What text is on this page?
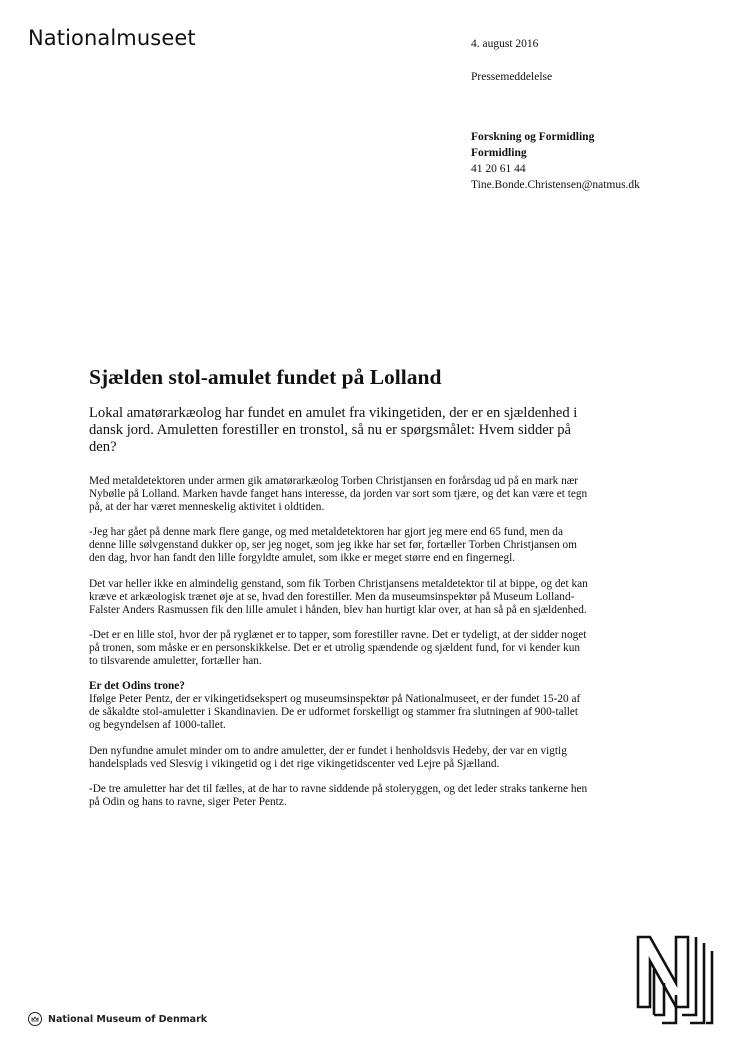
Nationalmuseet	4. august 2016
Pressemeddelelse
Forskning og Formidling
Formidling
41 20 61 44
Tine.Bonde.Christensen@natmus.dk
Sjælden stol-amulet fundet på Lolland

Lokal amatørarkæolog har fundet en amulet fra vikingetiden, der er en sjældenhed i dansk jord. Amuletten forestiller en tronstol, så nu er spørgsmålet: Hvem sidder på den?

Med metaldetektoren under armen gik amatørarkæolog Torben Christjansen en forårsdag ud på en mark nær Nybølle på Lolland. Marken havde fanget hans interesse, da jorden var sort som tjære, og det kan være et tegn på, at der har været menneskelig aktivitet i oldtiden.

-Jeg har gået på denne mark flere gange, og med metaldetektoren har gjort jeg mere end 65 fund, men da denne lille sølvgenstand dukker op, ser jeg noget, som jeg ikke har set før, fortæller Torben Christjansen om den dag, hvor han fandt den lille forgyldte amulet, som ikke er meget større end en fingernegl.

Det var heller ikke en almindelig genstand, som fik Torben Christjansens metaldetektor til at bippe, og det kan kræve et arkæologisk trænet øje at se, hvad den forestiller. Men da museumsinspektør på Museum Lolland-Falster Anders Rasmussen fik den lille amulet i hånden, blev han hurtigt klar over, at han så på en sjældenhed.

-Det er en lille stol, hvor der på ryglænet er to tapper, som forestiller ravne. Det er tydeligt, at der sidder noget på tronen, som måske er en personskikkelse. Det er et utrolig spændende og sjældent fund, for vi kender kun to tilsvarende amuletter, fortæller han.

Er det Odins trone?
Ifølge Peter Pentz, der er vikingetidsekspert og museumsinspektør på Nationalmuseet, er der fundet 15-20 af de såkaldte stol-amuletter i Skandinavien. De er udformet forskelligt og stammer fra slutningen af 900-tallet og begyndelsen af 1000-tallet.

Den nyfundne amulet minder om to andre amuletter, der er fundet i henholdsvis Hedeby, der var en vigtig handelsplads ved Slesvig i vikingetid og i det rige vikingetidscenter ved Lejre på Sjælland.

-De tre amuletter har det til fælles, at de har to ravne siddende på stoleryggen, og det leder straks tankerne hen på Odin og hans to ravne, siger Peter Pentz.

National Museum of Denmark
